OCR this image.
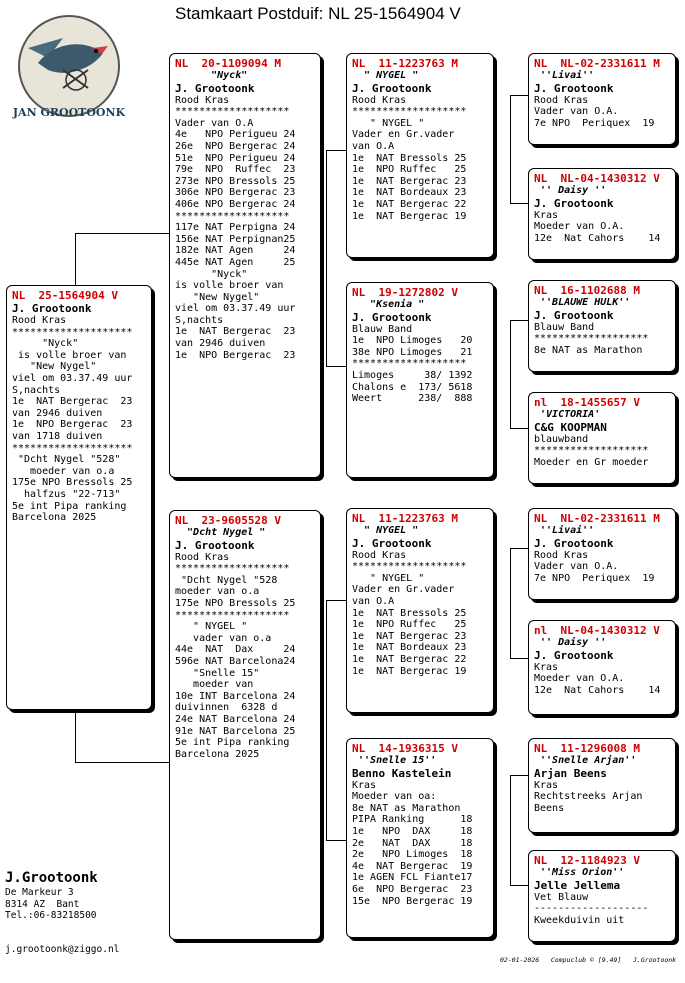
Stamkaart Postduif: NL 25-1564904 V
JAN GROOTOONK
NL  25-1564904 V
J. Grootoonk
Rood Kras
********************
"Nyck"
is volle broer van
"New Nygel"
viel om 03.37.49 uur
S,nachts
1e  NAT Bergerac  23
van 2946 duiven
1e  NPO Bergerac  23
van 1718 duiven
********************
"Dcht Nygel "528"
moeder van o.a
175e NPO Bressols 25
halfzus "22-713"
5e int Pipa ranking
Barcelona 2025
NL  20-1109094 M
"Nyck"
J. Grootoonk
Rood Kras
*******************
Vader van O.A
4e   NPO Perigueu 24
26e  NPO Bergerac 24
51e  NPO Perigueu 24
79e  NPO  Ruffec  23
273e NPO Bressols 25
306e NPO Bergerac 23
406e NPO Bergerac 24
*******************
117e NAT Perpigna 24
156e NAT Perpignan25
182e NAT Agen     24
445e NAT Agen     25
"Nyck"
is volle broer van
"New Nygel"
viel om 03.37.49 uur
S,nachts
1e  NAT Bergerac  23
van 2946 duiven
1e  NPO Bergerac  23
NL  23-9605528 V
"Dcht Nygel "
J. Grootoonk
Rood Kras
*******************
"Dcht Nygel "528
moeder van o.a
175e NPO Bressols 25
*******************
" NYGEL "
vader van o.a
44e  NAT  Dax     24
596e NAT Barcelona24
"Snelle 15"
moeder van
10e INT Barcelona 24
duivinnen  6328 d
24e NAT Barcelona 24
91e NAT Barcelona 25
5e int Pipa ranking
Barcelona 2025
NL  11-1223763 M
" NYGEL "
J. Grootoonk
Rood Kras
*******************
" NYGEL "
Vader en Gr.vader
van O.A
1e  NAT Bressols 25
1e  NPO Ruffec   25
1e  NAT Bergerac 23
1e  NAT Bordeaux 23
1e  NAT Bergerac 22
1e  NAT Bergerac 19
NL  19-1272802 V
"Ksenia "
J. Grootoonk
Blauw Band
1e  NPO Limoges   20
38e NPO Limoges   21
*******************
Limoges     38/ 1392
Chalons e  173/ 5618
Weert      238/  888
NL  11-1223763 M
" NYGEL "
J. Grootoonk
Rood Kras
*******************
" NYGEL "
Vader en Gr.vader
van O.A
1e  NAT Bressols 25
1e  NPO Ruffec   25
1e  NAT Bergerac 23
1e  NAT Bordeaux 23
1e  NAT Bergerac 22
1e  NAT Bergerac 19
NL  14-1936315 V
''Snelle 15''
Benno Kastelein
Kras
Moeder van oa:
8e NAT as Marathon
PIPA Ranking      18
1e   NPO  DAX     18
2e   NAT  DAX     18
2e   NPO Limoges  18
4e  NAT Bergerac  19
1e AGEN FCL Fiante17
6e  NPO Bergerac  23
15e  NPO Bergerac 19
NL  NL-02-2331611 M
''Livai''
J. Grootoonk
Rood Kras
Vader van O.A.
7e NPO  Periquex  19
NL  NL-04-1430312 V
'' Daisy ''
J. Grootoonk
Kras
Moeder van O.A.
12e  Nat Cahors    14
NL  16-1102688 M
''BLAUWE HULK''
J. Grootoonk
Blauw Band
*******************
8e NAT as Marathon
nl  18-1455657 V
'VICTORIA'
C&G KOOPMAN
blauwband
*******************
Moeder en Gr moeder
NL  NL-02-2331611 M
''Livai''
J. Grootoonk
Rood Kras
Vader van O.A.
7e NPO  Periquex  19
nl  NL-04-1430312 V
'' Daisy ''
J. Grootoonk
Kras
Moeder van O.A.
12e  Nat Cahors    14
NL  11-1296008 M
''Snelle Arjan''
Arjan Beens
Kras
Rechtstreeks Arjan
Beens
NL  12-1184923 V
''Miss Orion''
Jelle Jellema
Vet Blauw
-------------------
Kweekduivin uit
J.Grootoonk
De Markeur 3
8314 AZ  Bant
Tel.:06-83218500
j.grootoonk@ziggo.nl
02-01-2026   Compuclub © [9.49]   J.Grootoonk
